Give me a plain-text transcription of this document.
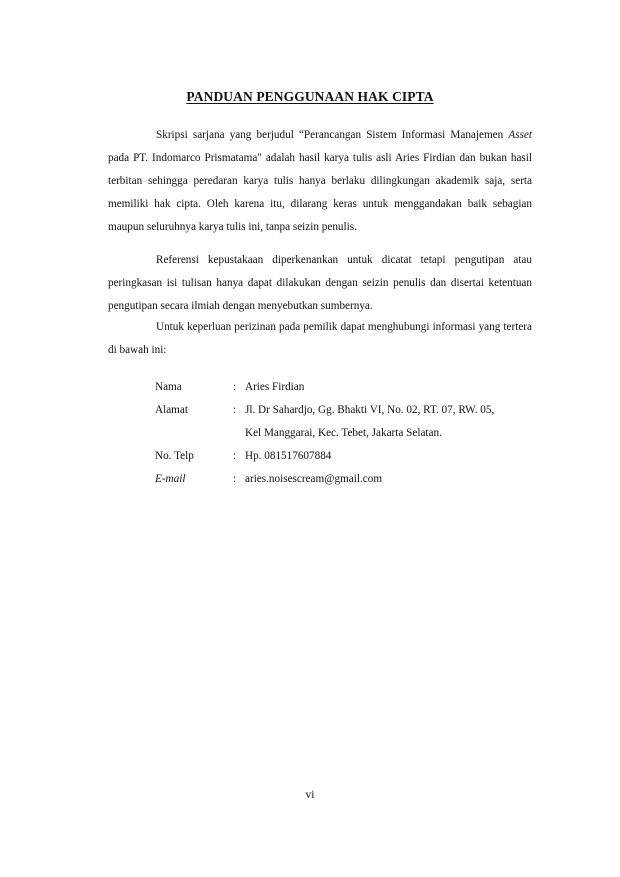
PANDUAN PENGGUNAAN HAK CIPTA
Skripsi sarjana yang berjudul “Perancangan Sistem Informasi Manajemen Asset pada PT. Indomarco Prismatama" adalah hasil karya tulis asli Aries Firdian dan bukan hasil terbitan sehingga peredaran karya tulis hanya berlaku dilingkungan akademik saja, serta memiliki hak cipta. Oleh karena itu, dilarang keras untuk menggandakan baik sebagian maupun seluruhnya karya tulis ini, tanpa seizin penulis.
Referensi kepustakaan diperkenankan untuk dicatat tetapi pengutipan atau peringkasan isi tulisan hanya dapat dilakukan dengan seizin penulis dan disertai ketentuan pengutipan secara ilmiah dengan menyebutkan sumbernya.
Untuk keperluan perizinan pada pemilik dapat menghubungi informasi yang tertera di bawah ini:
Nama	: Aries Firdian
Alamat	: Jl. Dr Sahardjo, Gg. Bhakti VI, No. 02, RT. 07, RW. 05,
Kel Manggarai, Kec. Tebet, Jakarta Selatan.
No. Telp	: Hp. 081517607884
E-mail	: aries.noisescream@gmail.com
vi
